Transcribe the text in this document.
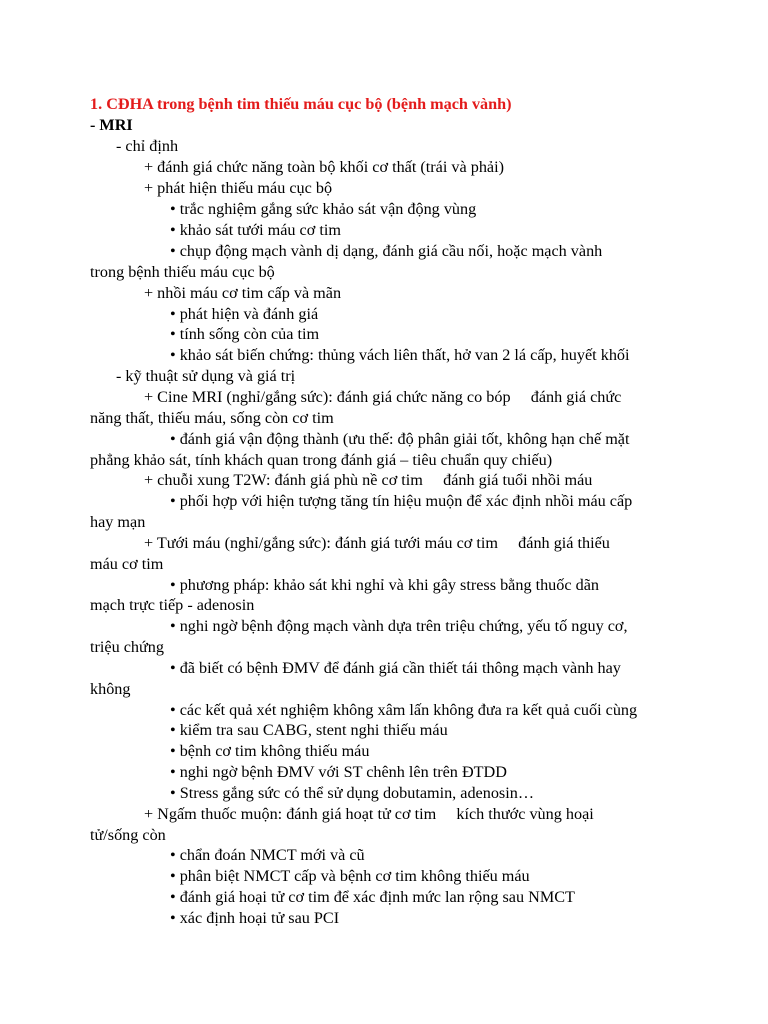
1. CĐHA trong bệnh tim thiếu máu cục bộ (bệnh mạch vành)
- MRI
- chỉ định
+ đánh giá chức năng toàn bộ khối cơ thất (trái và phải)
+ phát hiện thiếu máu cục bộ
• trắc nghiệm gắng sức khảo sát vận động vùng
• khảo sát tưới máu cơ tim
• chụp động mạch vành dị dạng, đánh giá cầu nối, hoặc mạch vành
trong bệnh thiếu máu cục bộ
+ nhồi máu cơ tim cấp và mãn
• phát hiện và đánh giá
• tính sống còn của tim
• khảo sát biến chứng: thủng vách liên thất, hở van 2 lá cấp, huyết khối
- kỹ thuật sử dụng và giá trị
+ Cine MRI (nghỉ/gắng sức): đánh giá chức năng co bóp     đánh giá chức
năng thất, thiếu máu, sống còn cơ tim
• đánh giá vận động thành (ưu thế: độ phân giải tốt, không hạn chế mặt
phẳng khảo sát, tính khách quan trong đánh giá – tiêu chuẩn quy chiếu)
+ chuỗi xung T2W: đánh giá phù nề cơ tim     đánh giá tuổi nhồi máu
• phối hợp với hiện tượng tăng tín hiệu muộn để xác định nhồi máu cấp
hay mạn
+ Tưới máu (nghỉ/gắng sức): đánh giá tưới máu cơ tim     đánh giá thiếu
máu cơ tim
• phương pháp: khảo sát khi nghỉ và khi gây stress bằng thuốc dãn
mạch trực tiếp - adenosin
• nghi ngờ bệnh động mạch vành dựa trên triệu chứng, yếu tố nguy cơ,
triệu chứng
• đã biết có bệnh ĐMV để đánh giá cần thiết tái thông mạch vành hay
không
• các kết quả xét nghiệm không xâm lấn không đưa ra kết quả cuối cùng
• kiểm tra sau CABG, stent nghi thiếu máu
• bệnh cơ tim không thiếu máu
• nghi ngờ bệnh ĐMV với ST chênh lên trên ĐTDD
• Stress gắng sức có thể sử dụng dobutamin, adenosin…
+ Ngấm thuốc muộn: đánh giá hoạt tử cơ tim     kích thước vùng hoại
tử/sống còn
• chẩn đoán NMCT mới và cũ
• phân biệt NMCT cấp và bệnh cơ tim không thiếu máu
• đánh giá hoại tử cơ tim để xác định mức lan rộng sau NMCT
• xác định hoại tử sau PCI
